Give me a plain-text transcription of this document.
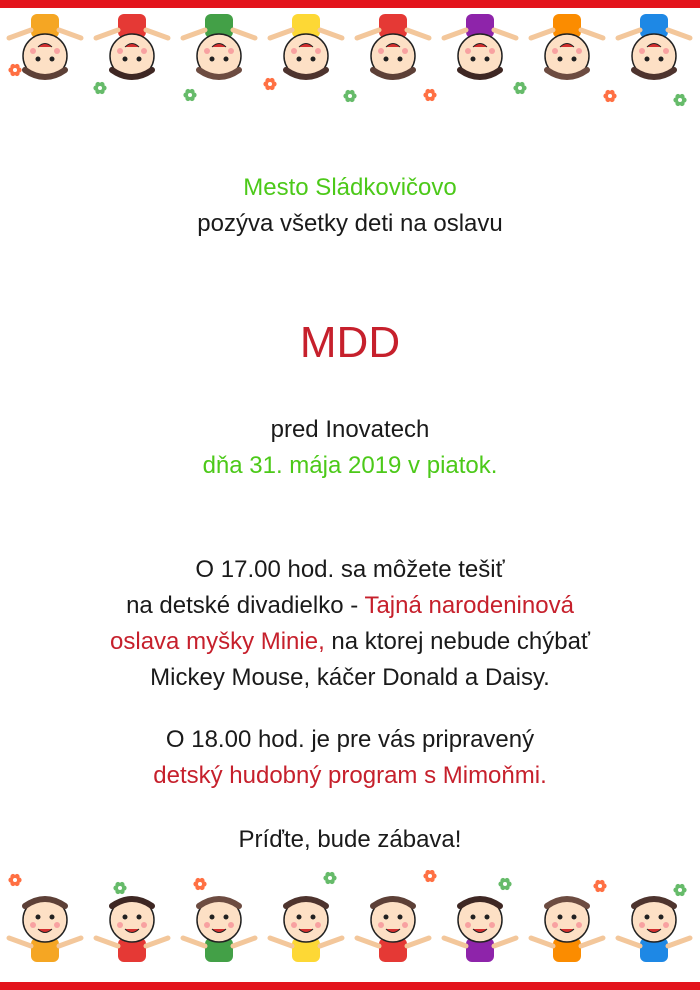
Mesto Sládkovičovo

pozýva všetky deti na oslavu

MDD

pred Inovatech

dňa 31. mája 2019 v piatok.

O 17.00 hod. sa môžete tešiť

na detské divadielko - Tajná narodeninová

oslava myšky Minie, na ktorej nebude chýbať

Mickey Mouse, káčer Donald a Daisy.

O 18.00 hod. je pre vás pripravený

detský hudobný program s Mimoňmi.

Príďte, bude zábava!
